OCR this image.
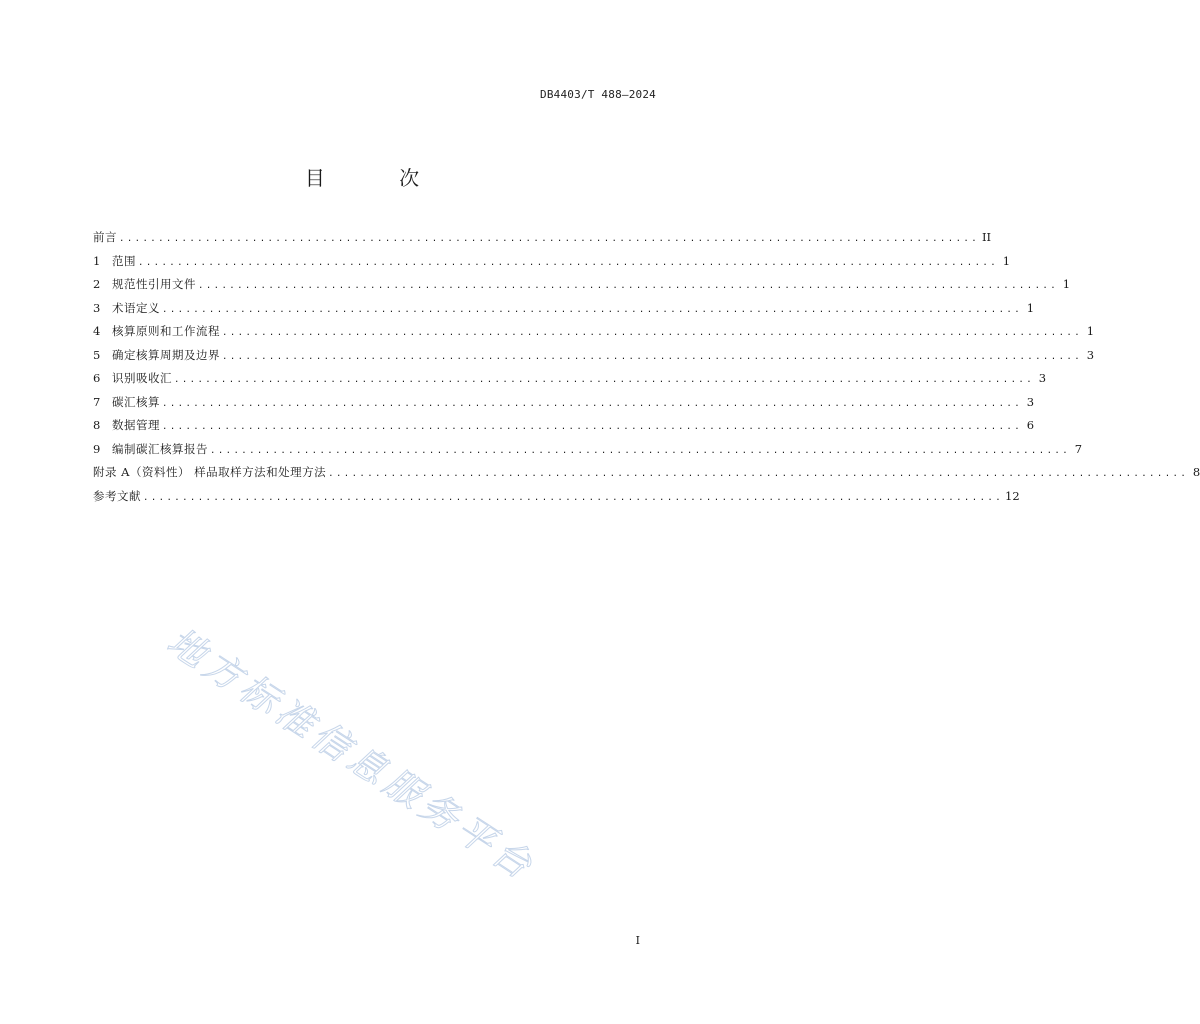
DB4403/T 488—2024
目 次
前言 .............................................................................................................. II
1	范围 .............................................................................................................. 1
2	规范性引用文件 .............................................................................................................. 1
3	术语定义 .............................................................................................................. 1
4	核算原则和工作流程 .............................................................................................................. 1
5	确定核算周期及边界 .............................................................................................................. 3
6	识别吸收汇 .............................................................................................................. 3
7	碳汇核算 .............................................................................................................. 3
8	数据管理 .............................................................................................................. 6
9	编制碳汇核算报告 .............................................................................................................. 7
附录 A（资料性） 样品取样方法和处理方法 .............................................................................................................. 8
参考文献 .............................................................................................................. 12
地方标准信息服务平台
I
